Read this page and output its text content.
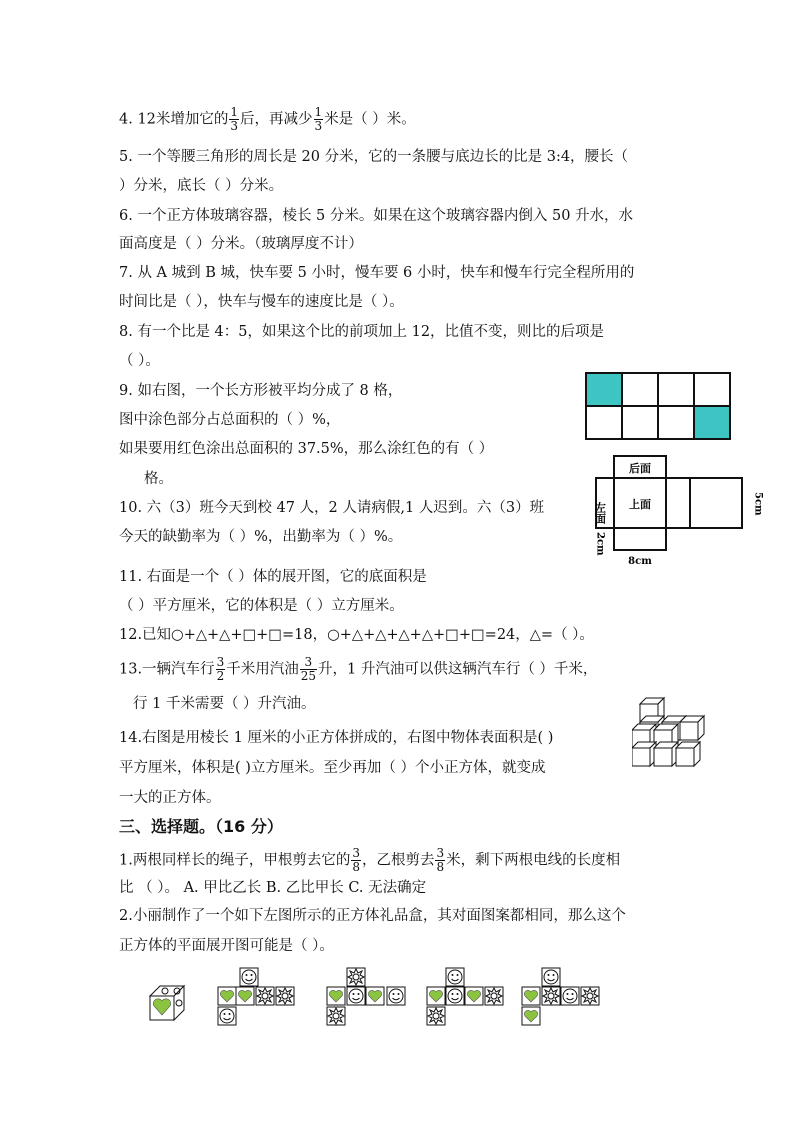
4. 12米增加它的 $\frac{1}{3}$ 后，再减少 $\frac{1}{3}$ 米是（ ）米。
5. 一个等腰三角形的周长是 20 分米，它的一条腰与底边长的比是 3:4，腰长（
）分米，底长（ ）分米。
6. 一个正方体玻璃容器，棱长 5 分米。如果在这个玻璃容器内倒入 50 升水，水
面高度是（ ）分米。（玻璃厚度不计）
7. 从 A 城到 B 城，快车要 5 小时，慢车要 6 小时，快车和慢车行完全程所用的
时间比是（ ），快车与慢车的速度比是（ ）。
8. 有一个比是 4：5，如果这个比的前项加上 12，比值不变，则比的后项是
（ ）。
9. 如右图，一个长方形被平均分成了 8 格，
图中涂色部分占总面积的（ ）%，
如果要用红色涂出总面积的 37.5%，那么涂红色的有（ ）
格。

后面
上面
左面
2cm
8cm
5cm
10. 六（3）班今天到校 47 人，2 人请病假,1 人迟到。六（3）班
今天的缺勤率为（ ）%，出勤率为（ ）%。
11. 右面是一个（ ）体的展开图，它的底面积是
（ ）平方厘米，它的体积是（ ）立方厘米。
12.已知○+△+△+□+□=18，○+△+△+△+△+□+□=24，△=（ ）。
13.一辆汽车行 $\frac{3}{2}$ 千米用汽油 $\frac{3}{25}$ 升，1 升汽油可以供这辆汽车行（ ）千米，
行 1 千米需要（ ）升汽油。
14.右图是用棱长 1 厘米的小正方体拼成的，右图中物体表面积是( )
平方厘米，体积是( )立方厘米。至少再加（ ）个小正方体，就变成
一大的正方体。
三、选择题。（16 分）
1.两根同样长的绳子，甲根剪去它的 $\frac{3}{8}$ ，乙根剪去 $\frac{3}{8}$ 米，剩下两根电线的长度相
比 （ ）。 A. 甲比乙长 B. 乙比甲长 C. 无法确定
2.小丽制作了一个如下左图所示的正方体礼品盒，其对面图案都相同，那么这个
正方体的平面展开图可能是（ ）。
